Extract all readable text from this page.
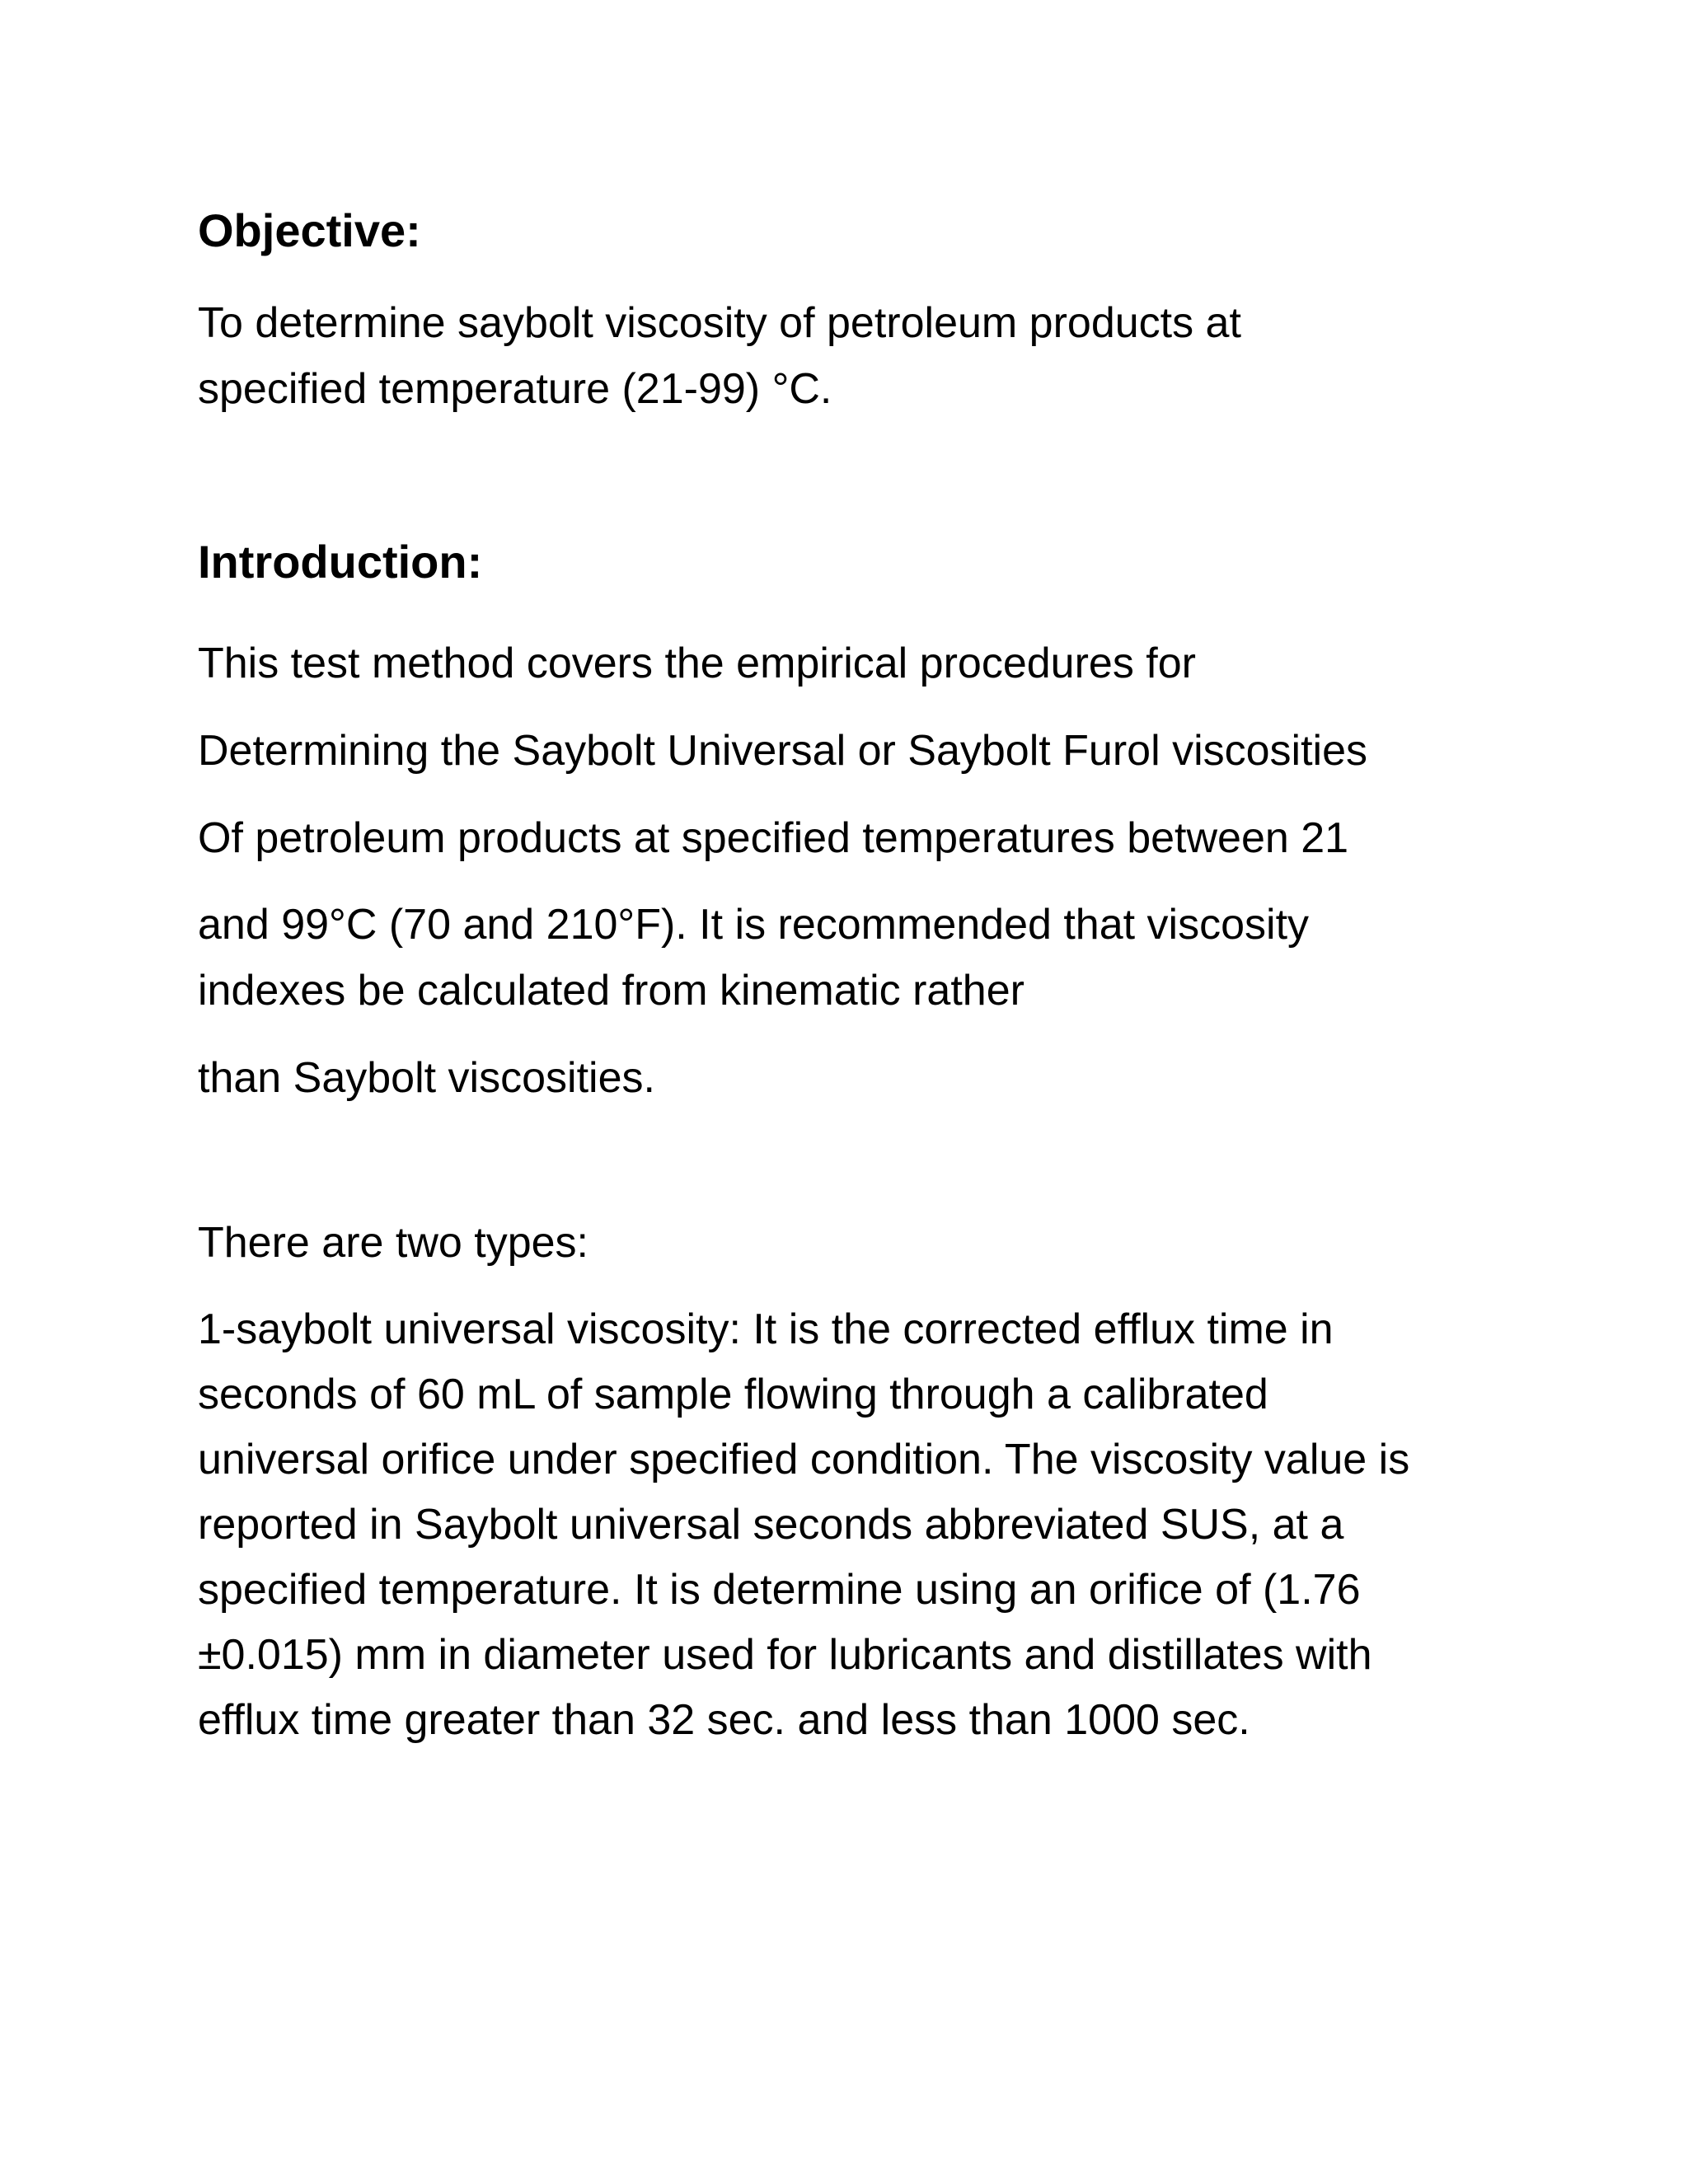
Objective:
To determine saybolt viscosity of petroleum products at
specified temperature (21-99) °C.
Introduction:
This test method covers the empirical procedures for
Determining the Saybolt Universal or Saybolt Furol viscosities
Of petroleum products at specified temperatures between 21
and 99°C (70 and 210°F). It is recommended that viscosity
indexes be calculated from kinematic rather
than Saybolt viscosities.

There are two types:

1-saybolt universal viscosity: It is the corrected efflux time in
seconds of 60 mL of sample flowing through a calibrated
universal orifice under specified condition. The viscosity value is
reported in Saybolt universal seconds abbreviated SUS, at a
specified temperature. It is determine using an orifice of (1.76
±0.015) mm in diameter used for lubricants and distillates with
efflux time greater than 32 sec. and less than 1000 sec.
